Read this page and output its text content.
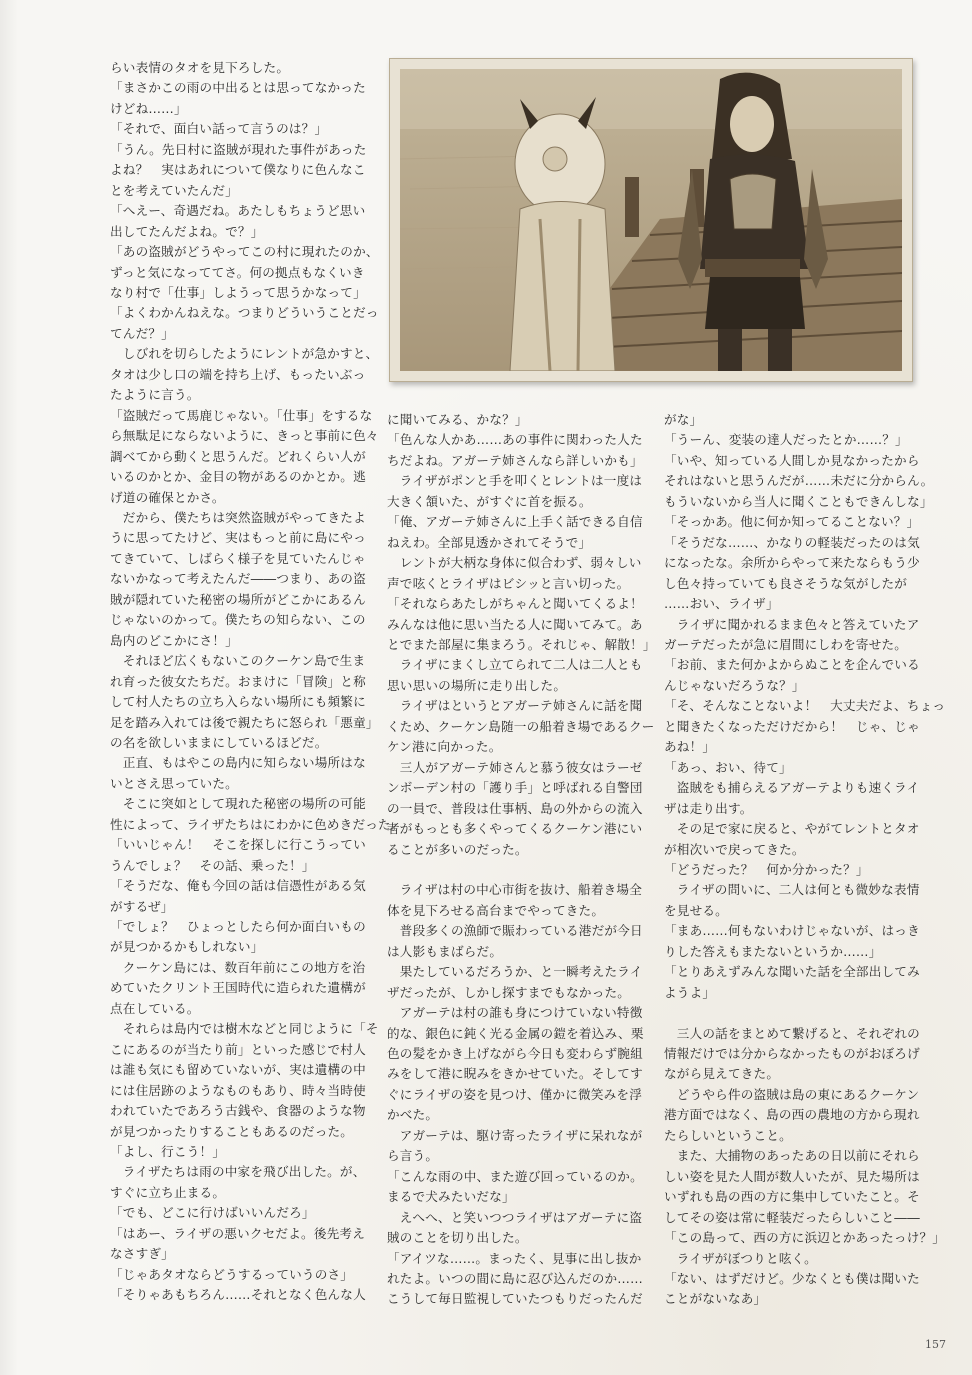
らい表情のタオを見下ろした。

「まさかこの雨の中出るとは思ってなかった

けどね……」

「それで、面白い話って言うのは？」

「うん。先日村に盗賊が現れた事件があった

よね？　実はあれについて僕なりに色んなこ

とを考えていたんだ」

「へえー、奇遇だね。あたしもちょうど思い

出してたんだよね。で？」

「あの盗賊がどうやってこの村に現れたのか、

ずっと気になっててさ。何の拠点もなくいき

なり村で「仕事」しようって思うかなって」

「よくわかんねえな。つまりどういうことだっ

てんだ？」

　しびれを切らしたようにレントが急かすと、

タオは少し口の端を持ち上げ、もったいぶっ

たように言う。

「盗賊だって馬鹿じゃない。「仕事」をするな

ら無駄足にならないように、きっと事前に色々

調べてから動くと思うんだ。どれくらい人が

いるのかとか、金目の物があるのかとか。逃

げ道の確保とかさ。

　だから、僕たちは突然盗賊がやってきたよ

うに思ってたけど、実はもっと前に島にやっ

てきていて、しばらく様子を見ていたんじゃ

ないかなって考えたんだ――つまり、あの盗

賊が隠れていた秘密の場所がどこかにあるん

じゃないのかって。僕たちの知らない、この

島内のどこかにさ！」

　それほど広くもないこのクーケン島で生ま

れ育った彼女たちだ。おまけに「冒険」と称

して村人たちの立ち入らない場所にも頻繁に

足を踏み入れては後で親たちに怒られ「悪童」

の名を欲しいままにしているほどだ。

　正直、もはやこの島内に知らない場所はな

いとさえ思っていた。

　そこに突如として現れた秘密の場所の可能

性によって、ライザたちはにわかに色めきだった。

「いいじゃん！　そこを探しに行こうってい

うんでしょ？　その話、乗った！」

「そうだな、俺も今回の話は信憑性がある気

がするぜ」

「でしょ？　ひょっとしたら何か面白いもの

が見つかるかもしれない」

　クーケン島には、数百年前にこの地方を治

めていたクリント王国時代に造られた遺構が

点在している。

　それらは島内では樹木などと同じように「そ

こにあるのが当たり前」といった感じで村人

は誰も気にも留めていないが、実は遺構の中

には住居跡のようなものもあり、時々当時使

われていたであろう古銭や、食器のような物

が見つかったりすることもあるのだった。

「よし、行こう！」

　ライザたちは雨の中家を飛び出した。が、

すぐに立ち止まる。

「でも、どこに行けばいいんだろ」

「はあー、ライザの悪いクセだよ。後先考え

なさすぎ」

「じゃあタオならどうするっていうのさ」

「そりゃあもちろん……それとなく色んな人

に聞いてみる、かな？」

「色んな人かあ……あの事件に関わった人た

ちだよね。アガーテ姉さんなら詳しいかも」

　ライザがポンと手を叩くとレントは一度は

大きく頷いた、がすぐに首を振る。

「俺、アガーテ姉さんに上手く話できる自信

ねえわ。全部見透かされてそうで」

　レントが大柄な身体に似合わず、弱々しい

声で呟くとライザはビシッと言い切った。

「それならあたしがちゃんと聞いてくるよ！

みんなは他に思い当たる人に聞いてみて。あ

とでまた部屋に集まろう。それじゃ、解散！」

　ライザにまくし立てられて二人は二人とも

思い思いの場所に走り出した。

　ライザはというとアガーテ姉さんに話を聞

くため、クーケン島随一の船着き場であるクー

ケン港に向かった。

　三人がアガーテ姉さんと慕う彼女はラーゼ

ンボーデン村の「護り手」と呼ばれる自警団

の一員で、普段は仕事柄、島の外からの流入

者がもっとも多くやってくるクーケン港にい

ることが多いのだった。

　ライザは村の中心市街を抜け、船着き場全

体を見下ろせる高台までやってきた。

　普段多くの漁師で賑わっている港だが今日

は人影もまばらだ。

　果たしているだろうか、と一瞬考えたライ

ザだったが、しかし探すまでもなかった。

　アガーテは村の誰も身につけていない特徴

的な、銀色に鈍く光る金属の鎧を着込み、栗

色の髪をかき上げながら今日も変わらず腕組

みをして港に睨みをきかせていた。そしてす

ぐにライザの姿を見つけ、僅かに微笑みを浮

かべた。

　アガーテは、駆け寄ったライザに呆れなが

ら言う。

「こんな雨の中、また遊び回っているのか。

まるで犬みたいだな」

　えへへ、と笑いつつライザはアガーテに盗

賊のことを切り出した。

「アイツな……。まったく、見事に出し抜か

れたよ。いつの間に島に忍び込んだのか……

こうして毎日監視していたつもりだったんだ

がな」

「うーん、変装の達人だったとか……？」

「いや、知っている人間しか見なかったから

それはないと思うんだが……未だに分からん。

もういないから当人に聞くこともできんしな」

「そっかあ。他に何か知ってることない？」

「そうだな……、かなりの軽装だったのは気

になったな。余所からやって来たならもう少

し色々持っていても良さそうな気がしたが

……おい、ライザ」

　ライザに聞かれるまま色々と答えていたア

ガーテだったが急に眉間にしわを寄せた。

「お前、また何かよからぬことを企んでいる

んじゃないだろうな？」

「そ、そんなことないよ！　大丈夫だよ、ちょっ

と聞きたくなっただけだから！　じゃ、じゃ

あね！」

「あっ、おい、待て」

　盗賊をも捕らえるアガーテよりも速くライ

ザは走り出す。

　その足で家に戻ると、やがてレントとタオ

が相次いで戻ってきた。

「どうだった？　何か分かった？」

　ライザの問いに、二人は何とも微妙な表情

を見せる。

「まあ……何もないわけじゃないが、はっき

りした答えもまたないというか……」

「とりあえずみんな聞いた話を全部出してみ

ようよ」

　三人の話をまとめて繋げると、それぞれの

情報だけでは分からなかったものがおぼろげ

ながら見えてきた。

　どうやら件の盗賊は島の東にあるクーケン

港方面ではなく、島の西の農地の方から現れ

たらしいということ。

　また、大捕物のあったあの日以前にそれら

しい姿を見た人間が数人いたが、見た場所は

いずれも島の西の方に集中していたこと。そ

してその姿は常に軽装だったらしいこと――

「この島って、西の方に浜辺とかあったっけ？」

　ライザがぼつりと呟く。

「ない、はずだけど。少なくとも僕は聞いた

ことがないなあ」

157
